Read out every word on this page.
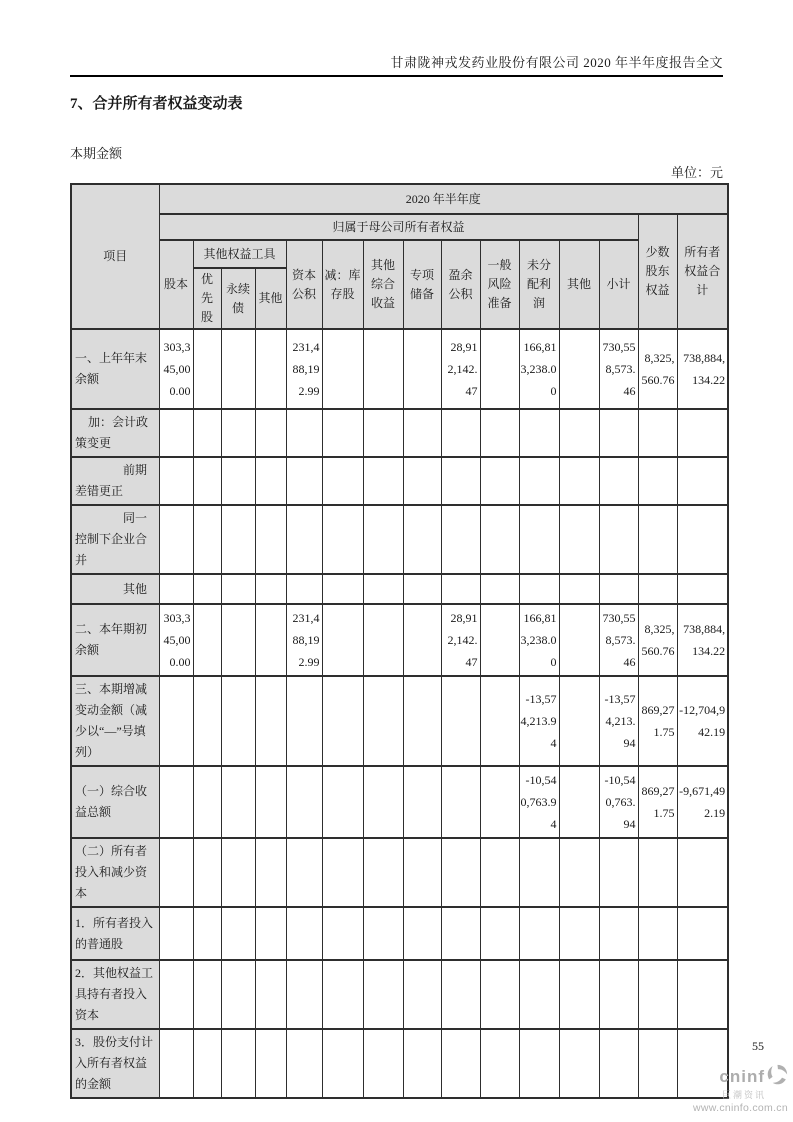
甘肃陇神戎发药业股份有限公司 2020 年半年度报告全文
7、合并所有者权益变动表
本期金额
单位：元
项目	2020 年半年度														
	归属于母公司所有者权益													少数股东权益	所有者权益合计
	股本	其他权益工具			资本公积	减：库存股	其他综合收益	专项储备	盈余公积	一般风险准备	未分配利润	其他	小计		
		优先股	永续债	其他											
一、上年年末余额	303,345,000.00				231,488,192.99				28,912,142.47		166,813,238.00		730,558,573.46	8,325,560.76	738,884,134.22
加：会计政策变更															
前期差错更正															
同一控制下企业合并															
其他															
二、本年期初余额	303,345,000.00				231,488,192.99				28,912,142.47		166,813,238.00		730,558,573.46	8,325,560.76	738,884,134.22
三、本期增减变动金额（减少以“—”号填列）											-13,574,213.94		-13,574,213.94	869,271.75	-12,704,942.19
（一）综合收益总额											-10,540,763.94		-10,540,763.94	869,271.75	-9,671,492.19
（二）所有者投入和减少资本															
1．所有者投入的普通股															
2．其他权益工具持有者投入资本															
3．股份支付计入所有者权益的金额															
55
cninf
巨潮资讯
www.cninfo.com.cn
